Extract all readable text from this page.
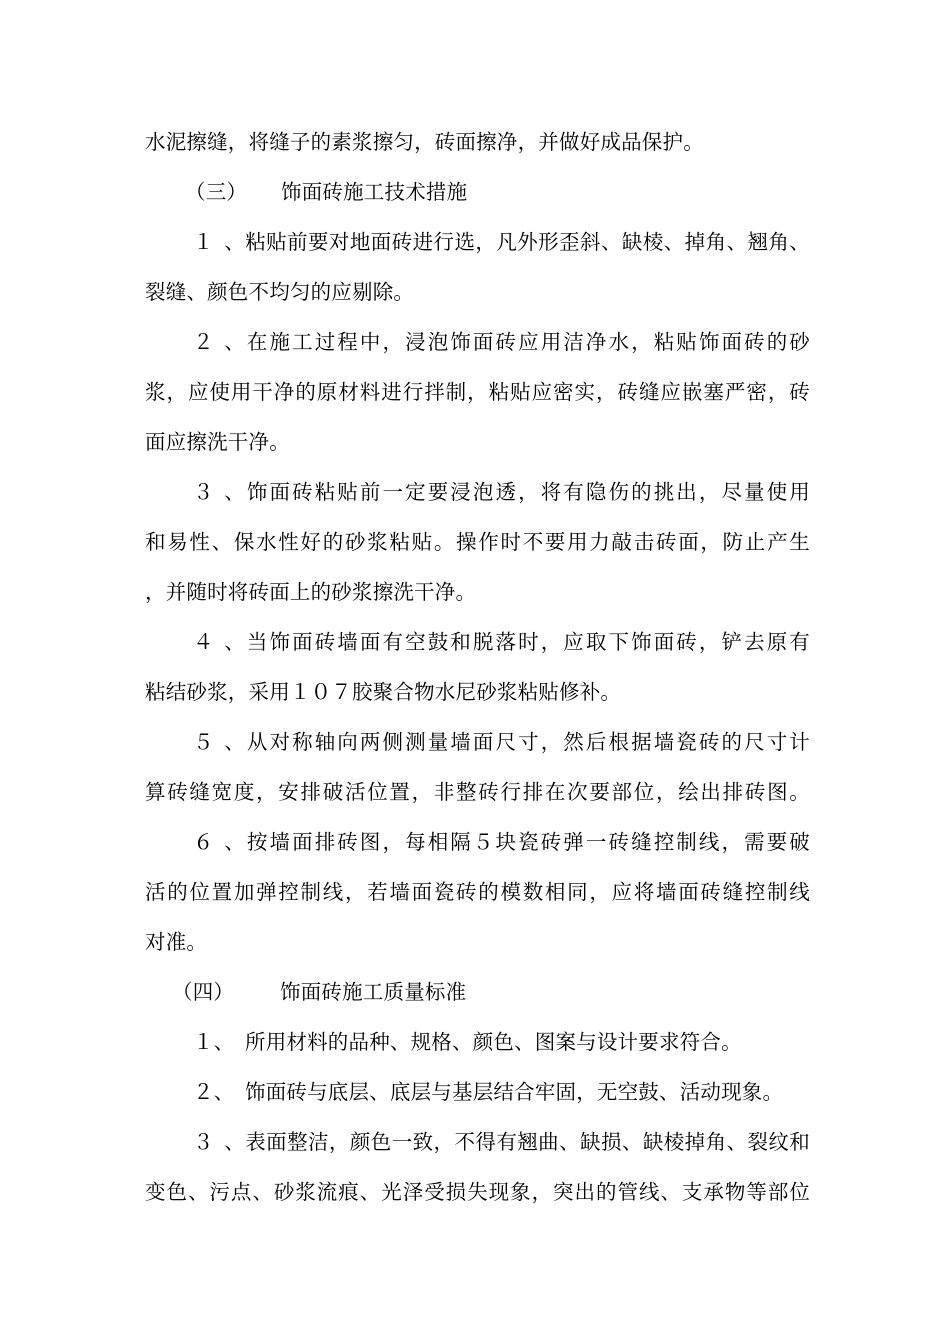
水泥擦缝，将缝子的素浆擦匀，砖面擦净，并做好成品保护。
（三） 饰面砖施工技术措施
１、粘贴前要对地面砖进行选，凡外形歪斜、缺棱、掉角、翘角、
裂缝、颜色不均匀的应剔除。
２、在施工过程中，浸泡饰面砖应用洁净水，粘贴饰面砖的砂
浆，应使用干净的原材料进行拌制，粘贴应密实，砖缝应嵌塞严密，砖
面应擦洗干净。
３、饰面砖粘贴前一定要浸泡透，将有隐伤的挑出，尽量使用
和易性、保水性好的砂浆粘贴。操作时不要用力敲击砖面，防止产生
，并随时将砖面上的砂浆擦洗干净。
４、当饰面砖墙面有空鼓和脱落时，应取下饰面砖，铲去原有
粘结砂浆，采用１０７胶聚合物水尼砂浆粘贴修补。
５、从对称轴向两侧测量墙面尺寸，然后根据墙瓷砖的尺寸计
算砖缝宽度，安排破活位置，非整砖行排在次要部位，绘出排砖图。
６、按墙面排砖图，每相隔５块瓷砖弹一砖缝控制线，需要破
活的位置加弹控制线，若墙面瓷砖的模数相同，应将墙面砖缝控制线
对准。
（四） 饰面砖施工质量标准
１、 所用材料的品种、规格、颜色、图案与设计要求符合。
２、 饰面砖与底层、底层与基层结合牢固，无空鼓、活动现象。
３、表面整洁，颜色一致，不得有翘曲、缺损、缺棱掉角、裂纹和
变色、污点、砂浆流痕、光泽受损失现象，突出的管线、支承物等部位
